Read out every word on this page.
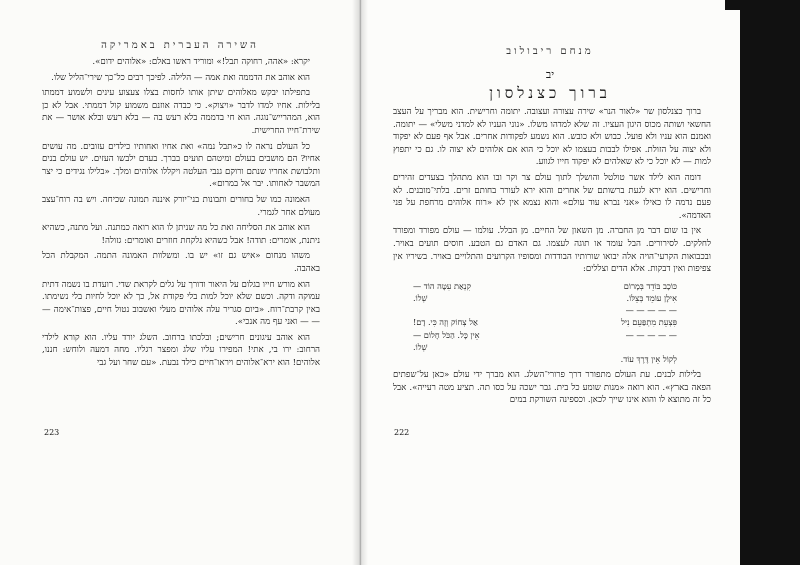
השירה העברית באמריקה

יקרא: «אהה, רחוקה תבל!» ומוריד ראשו באלם: «אלוהים ידום».

הוא אוהב את הדממה ואת אמה — הלילה. לפיכך רבים כל־כך שירי־הליל שלו.

בתפילתו יבקש מאלוהים שיתן אותו לחסות בצלו צעצוע עינים ולשמוע דממתו בלילות. אחיו למדו לדבר «ויצוק». כי כבדה אוזנם משמוע קול דממתי. אבל לא כן הוא, המהרייש־נוגה. הוא חי בדממה בלא רעש בה — בלא רעש ובלא אושר — את שירת־חייו החרישית.

כל העולם נראה לו כ«תבל נמה» ואת אחיו ואחותיו כילדים עזובים. מה עושים אחיו? הם מושבים בעולם ומיטהם תועים בברך. בעדם ילבשו העזים. יש עולם בנים ותלבושת אחריו שנתם ורוקם גנבי העלטה ויקללו אלוהים ומלך. «בלילו נגידים כי יצר המשבר לאחותו. יבר אל במרום».

האמונה כמו של בחורים ותבונות בני־יורק איננה תמונה שכיחה. ויש בה רוח־עצב מעולם אחר לגמרי.

הוא אוהב את הסליחה ואת כל מה שניתן לו הוא רואה כמתנה. ועל מתנה, כשהיא ניתנת, אומרים: תודה! אבל כשהיא נלקחת חוזרים ואומרים: גזולה!

משהו מנחום «איש גם זו» יש בו. ומשלוות האמונה התמה. המקבלת הכל באהבה.

הוא מורש חייו בגלום על היאור ודורך על גלים לקראת שדי. רועדת בו נשמה דתית עמוקה ודקה. וכשם שלא יוכל למות בלי פקודת אל, כך לא יוכל לחיות בלי נשימתו. באין קרבת־רוח. «ביום סגריר עלה אלוהים מעלי ואשבוב נטול חיים, פצות־אימה — — — ואני עף מה אנכי».

הוא אוהב עיגונים חרישים; ובלכתו ברחוב. השלג יורד עליו. הוא קורא לילדי הרחוב: ירו בי, אתי! המפירו עליו שלג ומפצר רגליו. מחה דמעה ולוחש: חננו, אלוהים! הוא ירא־אלוהים ויראו־חיים כילד נבעת. «עם שחר ועל גבי

223
מנחם ריבולוב
יב
ברוך כצנלסון

ברוך כצנלסון שר «לאור הנר» שירה עצורה ועצובה. יתומה וחרישית. הוא מבריך על העצב החשאי ושותה מכוס היגון העציו. זה שלא למדהו משלו. «נוני העניו לא למדני משלי» — יתומה. ואמנם הוא עניו ולא פועל. כבוש ולא כובש. הוא נשמע לפקודות אחרים. אבל אף פעם לא יפקוד ולא יצוה על הזולת. אפילו לבבות בעצמו לא יוכל כי הוא אם אלוהים לא יצוה לו. גם כי יתפוץ למות — לא יוכל כי לא שאלהים לא יפקוד חייו לגווע.

דומה הוא לילד אשר טולטל והושלך לתוך עולם צר וקר ובו הוא מתהלך בצעדים זהירים וחרישים. הוא ירא לגעת ברשותם של אחרים והוא ירא לעורר בחותם זרים. בלתי־מובנים. לא פעם נדמה לו כאילו «אני נברא עוד עולם» והוא נצמא אין לא «רוח אלוהים מרחפת על פני האדמה».

אין בו שום דבר מן החברה. מן השאון של החיים. מן הבלל. עולמו — עולם מפורד ומפורד לחלקים. לסירורים. הבל עומד או תוגה לעצמו. גם האדם גם הטבע. חוסים תועים באויר. ובכבואות הקרעי־הויה אלה יבואו שורותיו הבודדות ומסופיו הקרועים והתלויים באויר. בשיריו אין צפיפות ואין דבקות. אלא הדים וצללים:

כּוֹכָב בּוֹדֵד בְּמָרוֹם
קִנְאַת עִטָּה הוֹד —
אִילָן עוֹמֵד בְּצֵלּוֹ.
שְׁלוֹ.
— — — — —
פִּצְעֵת מִתְפַּעֵם נִיל
אַל צְחוֹק וְזֶה כִּי. דָם!
— — — — —
אֵין כָּל. הַכֹּל חָלוֹם —
שְׁלוֹ.
לְקוֹל אֵין דֶּרֶךְ עוֹד.

בלילות לבנים. עת העולם מתפורר דרך פרורי־השלג. הוא מברך ידי עולם «כאן על־שפתים הפאה בארץ». הוא רואה «מנות שומע כל בית. גבר ישכה על כסו תה. תציע מטה רעייה». אבל כל זה מתוצא לו והוא אינו שייך לכאן. וכספינה השורקת במים

222
